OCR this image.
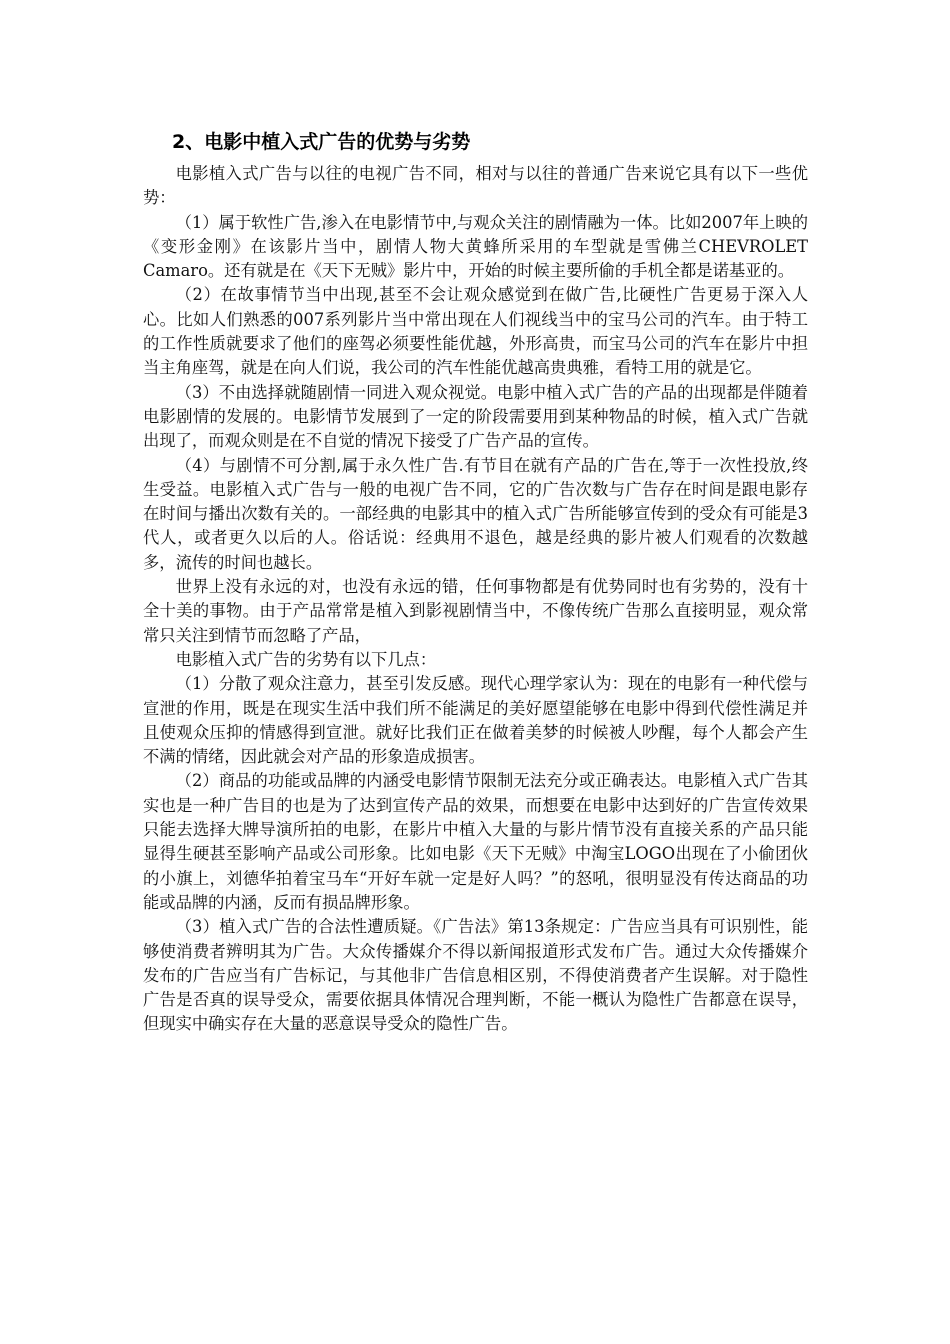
2、电影中植入式广告的优势与劣势

电影植入式广告与以往的电视广告不同，相对与以往的普通广告来说它具有以下一些优势：

（1）属于软性广告,渗入在电影情节中,与观众关注的剧情融为一体。比如2007年上映的《变形金刚》在该影片当中，剧情人物大黄蜂所采用的车型就是雪佛兰CHEVROLET Camaro。还有就是在《天下无贼》影片中，开始的时候主要所偷的手机全都是诺基亚的。

（2）在故事情节当中出现,甚至不会让观众感觉到在做广告,比硬性广告更易于深入人心。比如人们熟悉的007系列影片当中常出现在人们视线当中的宝马公司的汽车。由于特工的工作性质就要求了他们的座驾必须要性能优越，外形高贵，而宝马公司的汽车在影片中担当主角座驾，就是在向人们说，我公司的汽车性能优越高贵典雅，看特工用的就是它。

（3）不由选择就随剧情一同进入观众视觉。电影中植入式广告的产品的出现都是伴随着电影剧情的发展的。电影情节发展到了一定的阶段需要用到某种物品的时候，植入式广告就出现了，而观众则是在不自觉的情况下接受了广告产品的宣传。

（4）与剧情不可分割,属于永久性广告.有节目在就有产品的广告在,等于一次性投放,终生受益。电影植入式广告与一般的电视广告不同，它的广告次数与广告存在时间是跟电影存在时间与播出次数有关的。一部经典的电影其中的植入式广告所能够宣传到的受众有可能是3代人，或者更久以后的人。俗话说：经典用不退色，越是经典的影片被人们观看的次数越多，流传的时间也越长。

世界上没有永远的对，也没有永远的错，任何事物都是有优势同时也有劣势的，没有十全十美的事物。由于产品常常是植入到影视剧情当中，不像传统广告那么直接明显，观众常常只关注到情节而忽略了产品，

电影植入式广告的劣势有以下几点：

（1）分散了观众注意力，甚至引发反感。现代心理学家认为：现在的电影有一种代偿与宣泄的作用，既是在现实生活中我们所不能满足的美好愿望能够在电影中得到代偿性满足并且使观众压抑的情感得到宣泄。就好比我们正在做着美梦的时候被人吵醒，每个人都会产生不满的情绪，因此就会对产品的形象造成损害。

（2）商品的功能或品牌的内涵受电影情节限制无法充分或正确表达。电影植入式广告其实也是一种广告目的也是为了达到宣传产品的效果，而想要在电影中达到好的广告宣传效果只能去选择大牌导演所拍的电影，在影片中植入大量的与影片情节没有直接关系的产品只能显得生硬甚至影响产品或公司形象。比如电影《天下无贼》中淘宝LOGO出现在了小偷团伙的小旗上，刘德华拍着宝马车“开好车就一定是好人吗？”的怒吼，很明显没有传达商品的功能或品牌的内涵，反而有损品牌形象。

（3）植入式广告的合法性遭质疑。《广告法》第13条规定：广告应当具有可识别性，能够使消费者辨明其为广告。大众传播媒介不得以新闻报道形式发布广告。通过大众传播媒介发布的广告应当有广告标记，与其他非广告信息相区别，不得使消费者产生误解。对于隐性广告是否真的误导受众，需要依据具体情况合理判断，不能一概认为隐性广告都意在误导，但现实中确实存在大量的恶意误导受众的隐性广告。
